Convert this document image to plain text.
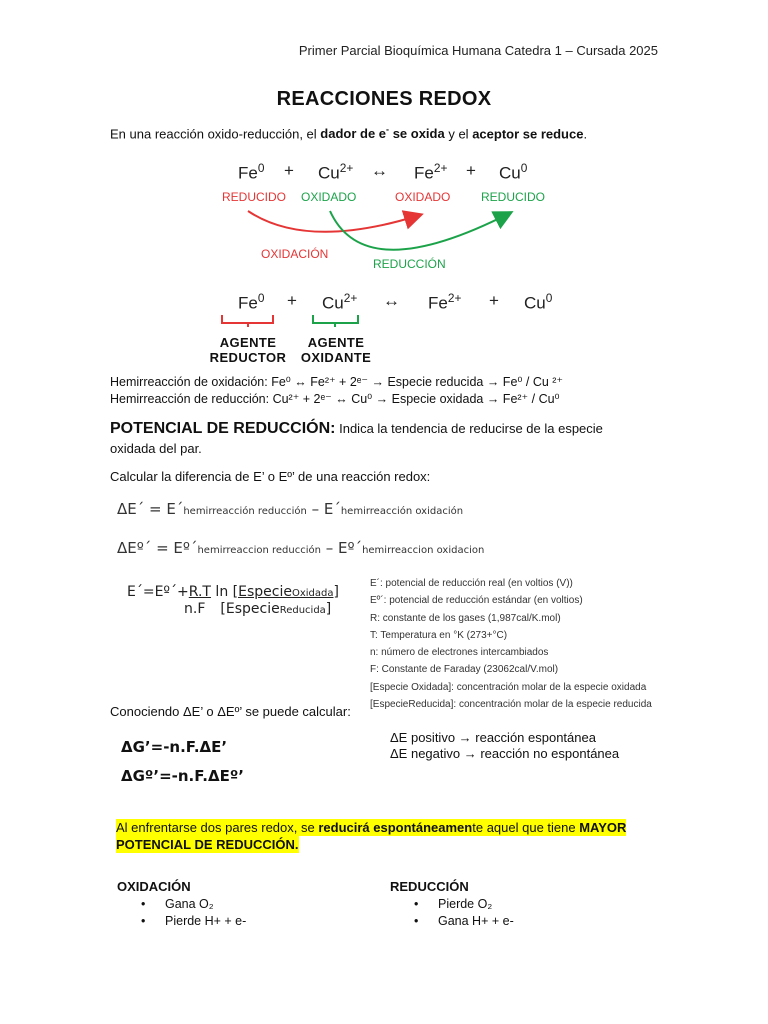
Primer Parcial Bioquímica Humana Catedra 1 – Cursada 2025
REACCIONES REDOX
En una reacción oxido-reducción, el dador de e- se oxida y el aceptor se reduce.
$Fe^0 + Cu^{2+}$ ↔ $Fe^{2+} + Cu^0$
REDUCIDO OXIDADO	OXIDADO	REDUCIDO
OXIDACIÓN
REDUCCIÓN
$Fe^0 + Cu^{2+}$ ↔ $Fe^{2+} + Cu^0$
AGENTE REDUCTOR
AGENTE OXIDANTE
Hemirreacción de oxidación: Fe⁰ ↔ Fe²⁺ + 2ᵉ⁻ → Especie reducida → Fe⁰ / Cu ²⁺
Hemirreacción de reducción: Cu²⁺ + 2ᵉ⁻ ↔ Cu⁰ → Especie oxidada → Fe²⁺ / Cu⁰
POTENCIAL DE REDUCCIÓN: Indica la tendencia de reducirse de la especie
oxidada del par.
Calcular la diferencia de E’ o Eº’ de una reacción redox:
ΔE´ = E´hemirreacción reducción – E´hemirreacción oxidación
ΔEº´ = Eº´hemirreaccion reducción – Eº´hemirreaccion oxidacion
E´=Eº´+R.T ln [EspecieOxidada]
n.F [EspecieReducida]
E´: potencial de reducción real (en voltios (V))
Eº´: potencial de reducción estándar (en voltios)
R: constante de los gases (1,987cal/K.mol)
T: Temperatura en °K (273+°C)
n: número de electrones intercambiados
F: Constante de Faraday (23062cal/V.mol)
[Especie Oxidada]: concentración molar de la especie oxidada
[EspecieReducida]: concentración molar de la especie reducida
Conociendo ΔE’ o ΔEº’ se puede calcular:
ΔG’=-n.F.ΔE’
ΔGº’=-n.F.ΔEº’
ΔE positivo → reacción espontánea
ΔE negativo → reacción no espontánea
Al enfrentarse dos pares redox, se reducirá espontáneamente aquel que tiene MAYOR
POTENCIAL DE REDUCCIÓN.
OXIDACIÓN
• Gana O₂
• Pierde H+ + e-
REDUCCIÓN
• Pierde O₂
• Gana H+ + e-
